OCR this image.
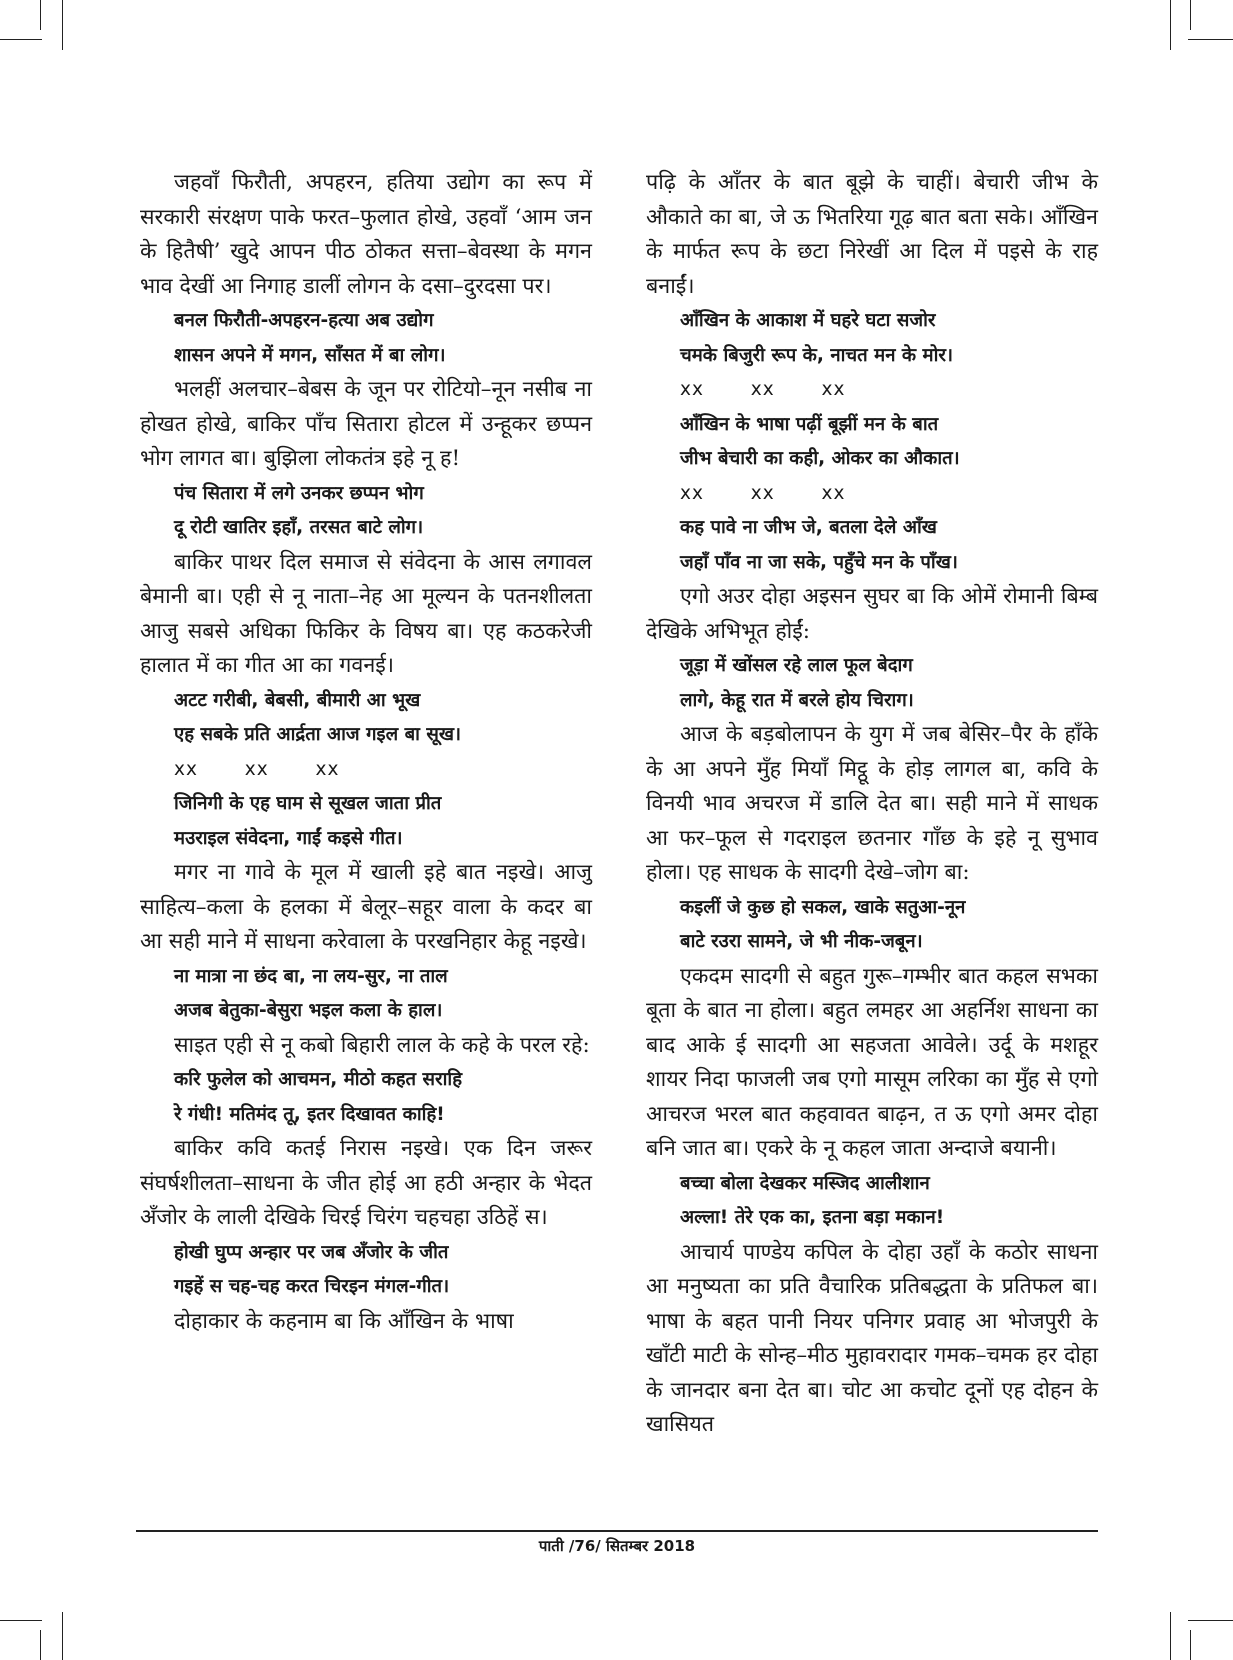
जहवाँ फिरौती, अपहरन, हतिया उद्योग का रूप में सरकारी संरक्षण पाके फरत–फुलात होखे, उहवाँ ‘आम जन के हितैषी’ खुदे आपन पीठ ठोकत सत्ता–बेवस्था के मगन भाव देखीं आ निगाह डालीं लोगन के दसा–दुरदसा पर।

बनल फिरौती-अपहरन-हत्या अब उद्योग

शासन अपने में मगन, साँसत में बा लोग।

भलहीं अलचार–बेबस के जून पर रोटियो–नून नसीब ना होखत होखे, बाकिर पाँच सितारा होटल में उन्हूकर छप्पन भोग लागत बा। बुझिला लोकतंत्र इहे नू ह!

पंच सितारा में लगे उनकर छप्पन भोग

दू रोटी खातिर इहाँ, तरसत बाटे लोग।

बाकिर पाथर दिल समाज से संवेदना के आस लगावल बेमानी बा। एही से नू नाता–नेह आ मूल्यन के पतनशीलता आजु सबसे अधिका फिकिर के विषय बा। एह कठकरेजी हालात में का गीत आ का गवनई।

अटट गरीबी, बेबसी, बीमारी आ भूख

एह सबके प्रति आर्द्रता आज गइल बा सूख।

xx xx xx

जिनिगी के एह घाम से सूखल जाता प्रीत

मउराइल संवेदना, गाईं कइसे गीत।

मगर ना गावे के मूल में खाली इहे बात नइखे। आजु साहित्य–कला के हलका में बेलूर–सहूर वाला के कदर बा आ सही माने में साधना करेवाला के परखनिहार केहू नइखे।

ना मात्रा ना छंद बा, ना लय-सुर, ना ताल

अजब बेतुका-बेसुरा भइल कला के हाल।

साइत एही से नू कबो बिहारी लाल के कहे के परल रहे:

करि फुलेल को आचमन, मीठो कहत सराहि

रे गंधी! मतिमंद तू, इतर दिखावत काहि!

बाकिर कवि कतई निरास नइखे। एक दिन जरूर संघर्षशीलता–साधना के जीत होई आ हठी अन्हार के भेदत अँजोर के लाली देखिके चिरई चिरंग चहचहा उठिहें स।

होखी घुप्प अन्हार पर जब अँजोर के जीत

गइहें स चह-चह करत चिरइन मंगल-गीत।

दोहाकार के कहनाम बा कि आँखिन के भाषा

पढ़ि के आँतर के बात बूझे के चाहीं। बेचारी जीभ के औकाते का बा, जे ऊ भितरिया गूढ़ बात बता सके। आँखिन के मार्फत रूप के छटा निरेखीं आ दिल में पइसे के राह बनाईं।

आँखिन के आकाश में घहरे घटा सजोर

चमके बिजुरी रूप के, नाचत मन के मोर।

xx xx xx

आँखिन के भाषा पढ़ीं बूझीं मन के बात

जीभ बेचारी का कही, ओकर का औकात।

xx xx xx

कह पावे ना जीभ जे, बतला देले आँख

जहाँ पाँव ना जा सके, पहुँचे मन के पाँख।

एगो अउर दोहा अइसन सुघर बा कि ओमें रोमानी बिम्ब देखिके अभिभूत होईं:

जूड़ा में खोंसल रहे लाल फूल बेदाग

लागे, केहू रात में बरले होय चिराग।

आज के बड़बोलापन के युग में जब बेसिर–पैर के हाँके के आ अपने मुँह मियाँ मिट्ठू के होड़ लागल बा, कवि के विनयी भाव अचरज में डालि देत बा। सही माने में साधक आ फर–फूल से गदराइल छतनार गाँछ के इहे नू सुभाव होला। एह साधक के सादगी देखे–जोग बा:

कइलीं जे कुछ हो सकल, खाके सतुआ-नून

बाटे रउरा सामने, जे भी नीक-जबून।

एकदम सादगी से बहुत गुरू–गम्भीर बात कहल सभका बूता के बात ना होला। बहुत लमहर आ अहर्निश साधना का बाद आके ई सादगी आ सहजता आवेले। उर्दू के मशहूर शायर निदा फाजली जब एगो मासूम लरिका का मुँह से एगो आचरज भरल बात कहवावत बाढ़न, त ऊ एगो अमर दोहा बनि जात बा। एकरे के नू कहल जाता अन्दाजे बयानी।

बच्चा बोला देखकर मस्जिद आलीशान

अल्ला! तेरे एक का, इतना बड़ा मकान!

आचार्य पाण्डेय कपिल के दोहा उहाँ के कठोर साधना आ मनुष्यता का प्रति वैचारिक प्रतिबद्धता के प्रतिफल बा। भाषा के बहत पानी नियर पनिगर प्रवाह आ भोजपुरी के खाँटी माटी के सोन्ह–मीठ मुहावरादार गमक–चमक हर दोहा के जानदार बना देत बा। चोट आ कचोट दूनों एह दोहन के खासियत

पाती /76/ सितम्बर 2018
